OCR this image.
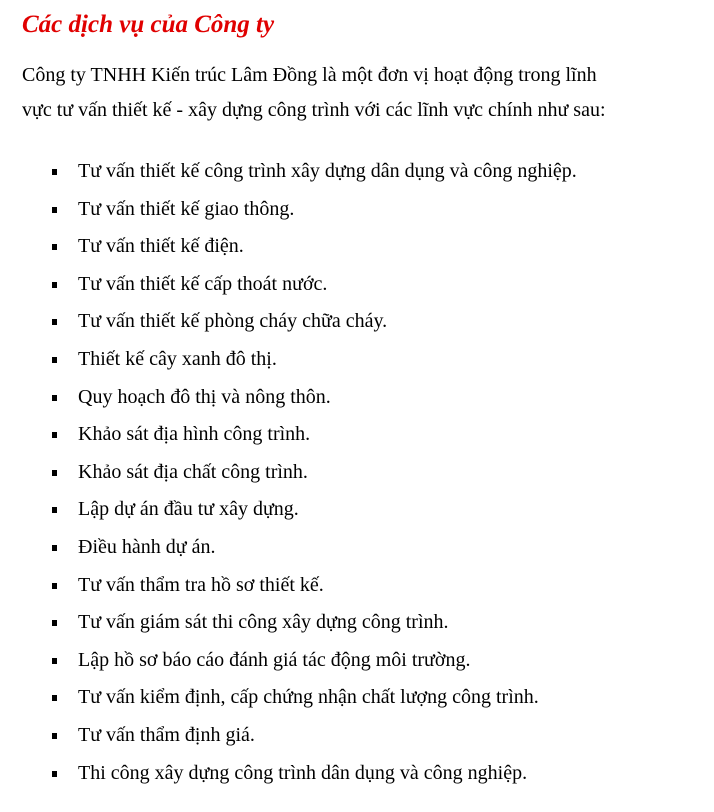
Các dịch vụ của Công ty

Công ty TNHH Kiến trúc Lâm Đồng là một đơn vị hoạt động trong lĩnh
vực tư vấn thiết kế - xây dựng công trình với các lĩnh vực chính như sau:

Tư vấn thiết kế công trình xây dựng dân dụng và công nghiệp.
Tư vấn thiết kế giao thông.
Tư vấn thiết kế điện.
Tư vấn thiết kế cấp thoát nước.
Tư vấn thiết kế phòng cháy chữa cháy.
Thiết kế cây xanh đô thị.
Quy hoạch đô thị và nông thôn.
Khảo sát địa hình công trình.
Khảo sát địa chất công trình.
Lập dự án đầu tư xây dựng.
Điều hành dự án.
Tư vấn thẩm tra hồ sơ thiết kế.
Tư vấn giám sát thi công xây dựng công trình.
Lập hồ sơ báo cáo đánh giá tác động môi trường.
Tư vấn kiểm định, cấp chứng nhận chất lượng công trình.
Tư vấn thẩm định giá.
Thi công xây dựng công trình dân dụng và công nghiệp.
